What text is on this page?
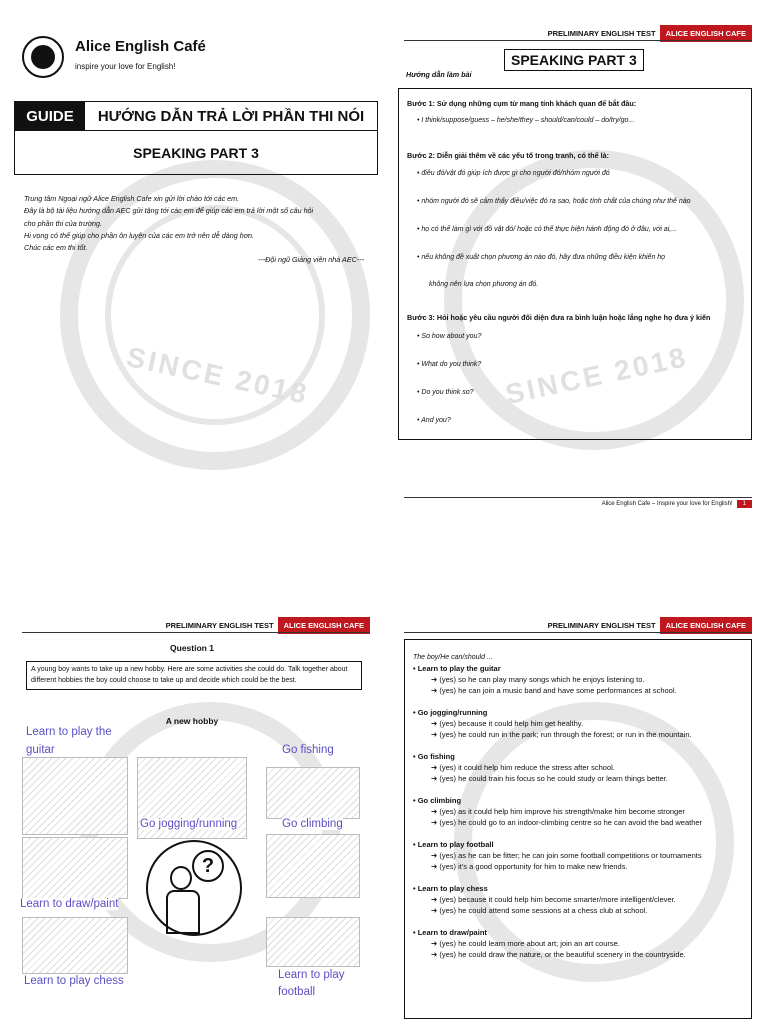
SINCE 2018
Alice English Café
inspire your love for English!
GUIDE	HƯỚNG DẪN TRẢ LỜI PHẦN THI NÓI
SPEAKING PART 3
Trung tâm Ngoại ngữ Alice English Cafe xin gửi lời chào tới các em.
Đây là bộ tài liệu hướng dẫn AEC gửi tặng tới các em để giúp các em trả lời một số câu hỏi
cho phần thi của trường.
Hi vọng có thể giúp cho phần ôn luyện của các em trở nên dễ dàng hơn.
Chúc các em thi tốt.
---Đội ngũ Giảng viên nhà AEC---
SINCE 2018
PRELIMINARY ENGLISH TEST	ALICE ENGLISH CAFE
SPEAKING PART 3
Hướng dẫn làm bài
Bước 1: Sử dụng những cụm từ mang tính khách quan để bắt đầu:
• I think/suppose/guess – he/she/they – should/can/could – do/try/go...
Bước 2: Diễn giải thêm về các yếu tố trong tranh, có thể là:
• điều đó/vật đó giúp ích được gì cho người đó/nhóm người đó
• nhóm người đó sẽ cảm thấy điều/việc đó ra sao, hoặc tính chất của chúng như thế nào
• họ có thể làm gì với đồ vật đó/ hoặc có thể thực hiện hành động đó ở đâu, với ai,...
• nếu không đề xuất chọn phương án nào đó, hãy đưa những điều kiện khiến họ
không nên lựa chọn phương án đó.
Bước 3: Hỏi hoặc yêu cầu người đối diện đưa ra bình luận hoặc lắng nghe họ đưa ý kiến
• So how about you?
• What do you think?
• Do you think so?
• And you?
Alice English Cafe – Inspire your love for English!	1
PRELIMINARY ENGLISH TEST	ALICE ENGLISH CAFE
Question 1
A young boy wants to take up a new hobby. Here are some activities she could do. Talk together about different hobbies the boy could choose to take up and decide which could be the best.
A new hobby
?
Learn to play the guitar	Go fishing
Go jogging/running	Go climbing
Learn to draw/paint
Learn to play chess	Learn to play football
PRELIMINARY ENGLISH TEST	ALICE ENGLISH CAFE
The boy/He can/should ...
• Learn to play the guitar
➔ (yes) so he can play many songs which he enjoys listening to.
➔ (yes) he can join a music band and have some performances at school.
• Go jogging/running
➔ (yes) because it could help him get healthy.
➔ (yes) he could run in the park; run through the forest; or run in the mountain.
• Go fishing
➔ (yes) it could help him reduce the stress after school.
➔ (yes) he could train his focus so he could study or learn things better.
• Go climbing
➔ (yes) as it could help him improve his strength/make him become stronger
➔ (yes) he could go to an indoor-climbing centre so he can avoid the bad weather
• Learn to play football
➔ (yes) as he can be fitter; he can join some football competitions or tournaments
➔ (yes) it's a good opportunity for him to make new friends.
• Learn to play chess
➔ (yes) because it could help him become smarter/more intelligent/clever.
➔ (yes) he could attend some sessions at a chess club at school.
• Learn to draw/paint
➔ (yes) he could learn more about art; join an art course.
➔ (yes) he could draw the nature, or the beautiful scenery in the countryside.
